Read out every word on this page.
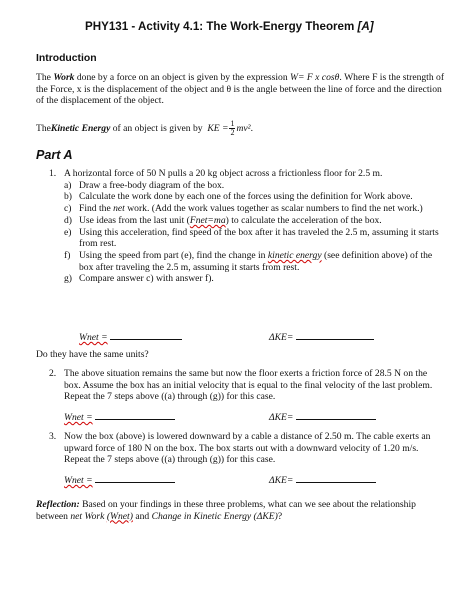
PHY131 - Activity 4.1: The Work-Energy Theorem [A]
Introduction
The Work done by a force on an object is given by the expression W= F x cosθ. Where F is the strength of the Force, x is the displacement of the object and θ is the angle between the line of force and the direction of the displacement of the object.
The Kinetic Energy of an object is given by KE = $\frac{1}{2} mv^2$ .
Part A
1. A horizontal force of 50 N pulls a 20 kg object across a frictionless floor for 2.5 m.
a) Draw a free-body diagram of the box.
b) Calculate the work done by each one of the forces using the definition for Work above.
c) Find the net work. (Add the work values together as scalar numbers to find the net work.)
d) Use ideas from the last unit (Fnet=ma) to calculate the acceleration of the box.
e) Using this acceleration, find speed of the box after it has traveled the 2.5 m, assuming it starts from rest.
f) Using the speed from part (e), find the change in kinetic energy (see definition above) of the box after traveling the 2.5 m, assuming it starts from rest.
g) Compare answer c) with answer f).
Wnet =	ΔKE=
Do they have the same units?
2. The above situation remains the same but now the floor exerts a friction force of 28.5 N on the box. Assume the box has an initial velocity that is equal to the final velocity of the last problem. Repeat the 7 steps above ((a) through (g)) for this case.
Wnet =	ΔKE=
3. Now the box (above) is lowered downward by a cable a distance of 2.50 m. The cable exerts an upward force of 180 N on the box. The box starts out with a downward velocity of 1.20 m/s. Repeat the 7 steps above ((a) through (g)) for this case.
Wnet =	ΔKE=
Reflection: Based on your findings in these three problems, what can we see about the relationship between net Work (Wnet) and Change in Kinetic Energy (ΔKE)?
